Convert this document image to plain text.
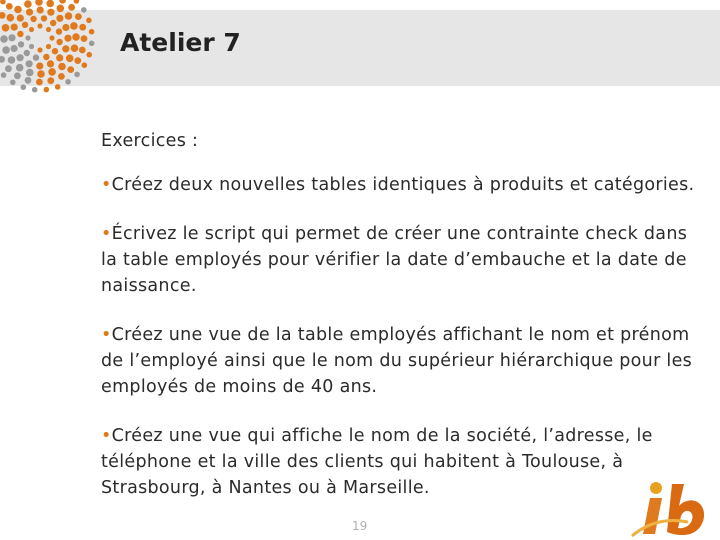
Atelier 7

Exercices :

•Créez deux nouvelles tables identiques à produits et catégories.

•Écrivez le script qui permet de créer une contrainte check dans la table employés pour vérifier la date d’embauche et la date de naissance.

•Créez une vue de la table employés affichant le nom et prénom de l’employé ainsi que le nom du supérieur hiérarchique pour les employés de moins de 40 ans.

•Créez une vue qui affiche le nom de la société, l’adresse, le téléphone et la ville des clients qui habitent à Toulouse, à Strasbourg, à Nantes ou à Marseille.

19
